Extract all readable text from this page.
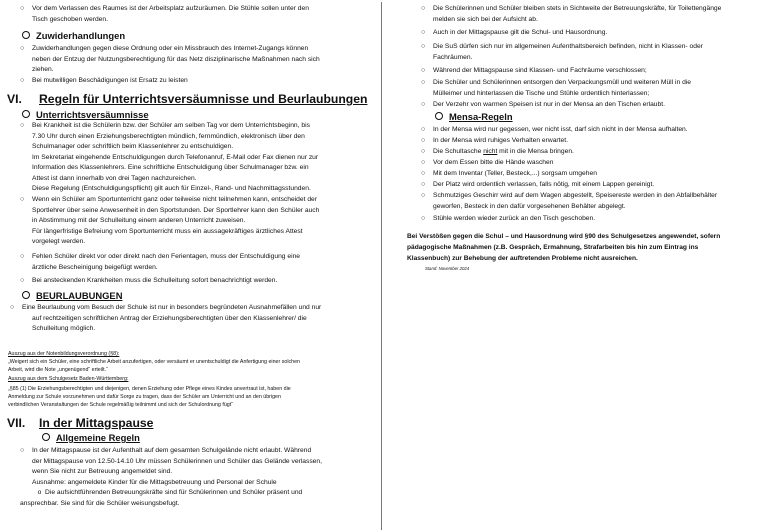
○ Vor dem Verlassen des Raumes ist der Arbeitsplatz aufzuräumen. Die Stühle sollen unter den
Tisch geschoben werden.
Zuwiderhandlungen
○ Zuwiderhandlungen gegen diese Ordnung oder ein Missbrauch des Internet-Zugangs können
neben der Entzug der Nutzungsberechtigung für das Netz disziplinarische Maßnahmen nach sich
ziehen.
○ Bei mutwilligen Beschädigungen ist Ersatz zu leisten
VI. Regeln für Unterrichtsversäumnisse und Beurlaubungen
Unterrichtsversäumnisse
○ Bei Krankheit ist die Schülerin bzw. der Schüler am selben Tag vor dem Unterrichtsbeginn, bis
7.30 Uhr durch einen Erziehungsberechtigten mündlich, fernmündlich, elektronisch über den
Schulmanager oder schriftlich beim Klassenlehrer zu entschuldigen.
Im Sekretariat eingehende Entschuldigungen durch Telefonanruf, E-Mail oder Fax dienen nur zur
Information des Klassenlehrers. Eine schriftliche Entschuldigung über Schulmanager bzw. ein
Attest ist dann innerhalb von drei Tagen nachzureichen.
Diese Regelung (Entschuldigungspflicht) gilt auch für Einzel-, Rand- und Nachmittagsstunden.
○ Wenn ein Schüler am Sportunterricht ganz oder teilweise nicht teilnehmen kann, entscheidet der
Sportlehrer über seine Anwesenheit in den Sportstunden. Der Sportlehrer kann den Schüler auch
in Abstimmung mit der Schulleitung einem anderen Unterricht zuweisen.
Für längerfristige Befreiung vom Sportunterricht muss ein aussagekräftiges ärztliches Attest
vorgelegt werden.
○ Fehlen Schüler direkt vor oder direkt nach den Ferientagen, muss der Entschuldigung eine
ärztliche Bescheinigung beigefügt werden.
○ Bei ansteckenden Krankheiten muss die Schulleitung sofort benachrichtigt werden.
BEURLAUBUNGEN
○ Eine Beurlaubung vom Besuch der Schule ist nur in besonders begründeten Ausnahmefällen und nur
auf rechtzeitigen schriftlichen Antrag der Erziehungsberechtigten über den Klassenlehrer/ die
Schulleitung möglich.
Auszug aus der Notenbildungsverordnung (§8):
„Weigert sich ein Schüler, eine schriftliche Arbeit anzufertigen, oder versäumt er unentschuldigt die Anfertigung einer solchen
Arbeit, wird die Note „ungenügend“ erteilt.“
Auszug aus dem Schulgesetz Baden-Württemberg:
„§85 (1) Die Erziehungsberechtigten und diejenigen, denen Erziehung oder Pflege eines Kindes anvertraut ist, haben die
Anmeldung zur Schule vorzunehmen und dafür Sorge zu tragen, dass der Schüler am Unterricht und an den übrigen
verbindlichen Veranstaltungen der Schule regelmäßig teilnimmt und sich der Schulordnung fügt“
VII. In der Mittagspause
Allgemeine Regeln
○ In der Mittagspause ist der Aufenthalt auf dem gesamten Schulgelände nicht erlaubt. Während
der Mittagspause von 12.50-14.10 Uhr müssen Schülerinnen und Schüler das Gelände verlassen,
wenn Sie nicht zur Betreuung angemeldet sind.
Ausnahme: angemeldete Kinder für die Mittagsbetreuung und Personal der Schule
o  Die aufsichtführenden Betreuungskräfte sind für Schülerinnen und Schüler präsent und
ansprechbar. Sie sind für die Schüler weisungsbefugt.
○ Die Schülerinnen und Schüler bleiben stets in Sichtweite der Betreuungskräfte, für Toilettengänge
melden sie sich bei der Aufsicht ab.
○ Auch in der Mittagspause gilt die Schul- und Hausordnung.
○ Die SuS dürfen sich nur im allgemeinen Aufenthaltsbereich befinden, nicht in Klassen- oder
Fachräumen.
○ Während der Mittagspause sind Klassen- und Fachräume verschlossen;
○ Die Schüler und Schülerinnen entsorgen den Verpackungsmüll und weiteren Müll in die
Mülleimer und hinterlassen die Tische und Stühle ordentlich hinterlassen;
○ Der Verzehr von warmen Speisen ist nur in der Mensa an den Tischen erlaubt.
Mensa-Regeln
○ In der Mensa wird nur gegessen, wer nicht isst, darf sich nicht in der Mensa aufhalten.
○ In der Mensa wird ruhiges Verhalten erwartet.
○ Die Schultasche nicht mit in die Mensa bringen.
○ Vor dem Essen bitte die Hände waschen
○ Mit dem Inventar (Teller, Besteck,...) sorgsam umgehen
○ Der Platz wird ordentlich verlassen, falls nötig, mit einem Lappen gereinigt.
○ Schmutziges Geschirr wird auf dem Wagen abgestellt, Speisereste werden in den Abfallbehälter
geworfen, Besteck in den dafür vorgesehenen Behälter abgelegt.
○ Stühle werden wieder zurück an den Tisch geschoben.
Bei Verstößen gegen die Schul – und Hausordnung wird §90 des Schulgesetzes angewendet, sofern
pädagogische Maßnahmen (z.B. Gespräch, Ermahnung, Strafarbeiten bis hin zum Eintrag ins
Klassenbuch) zur Behebung der auftretenden Probleme nicht ausreichen.
Stand: November 2024
